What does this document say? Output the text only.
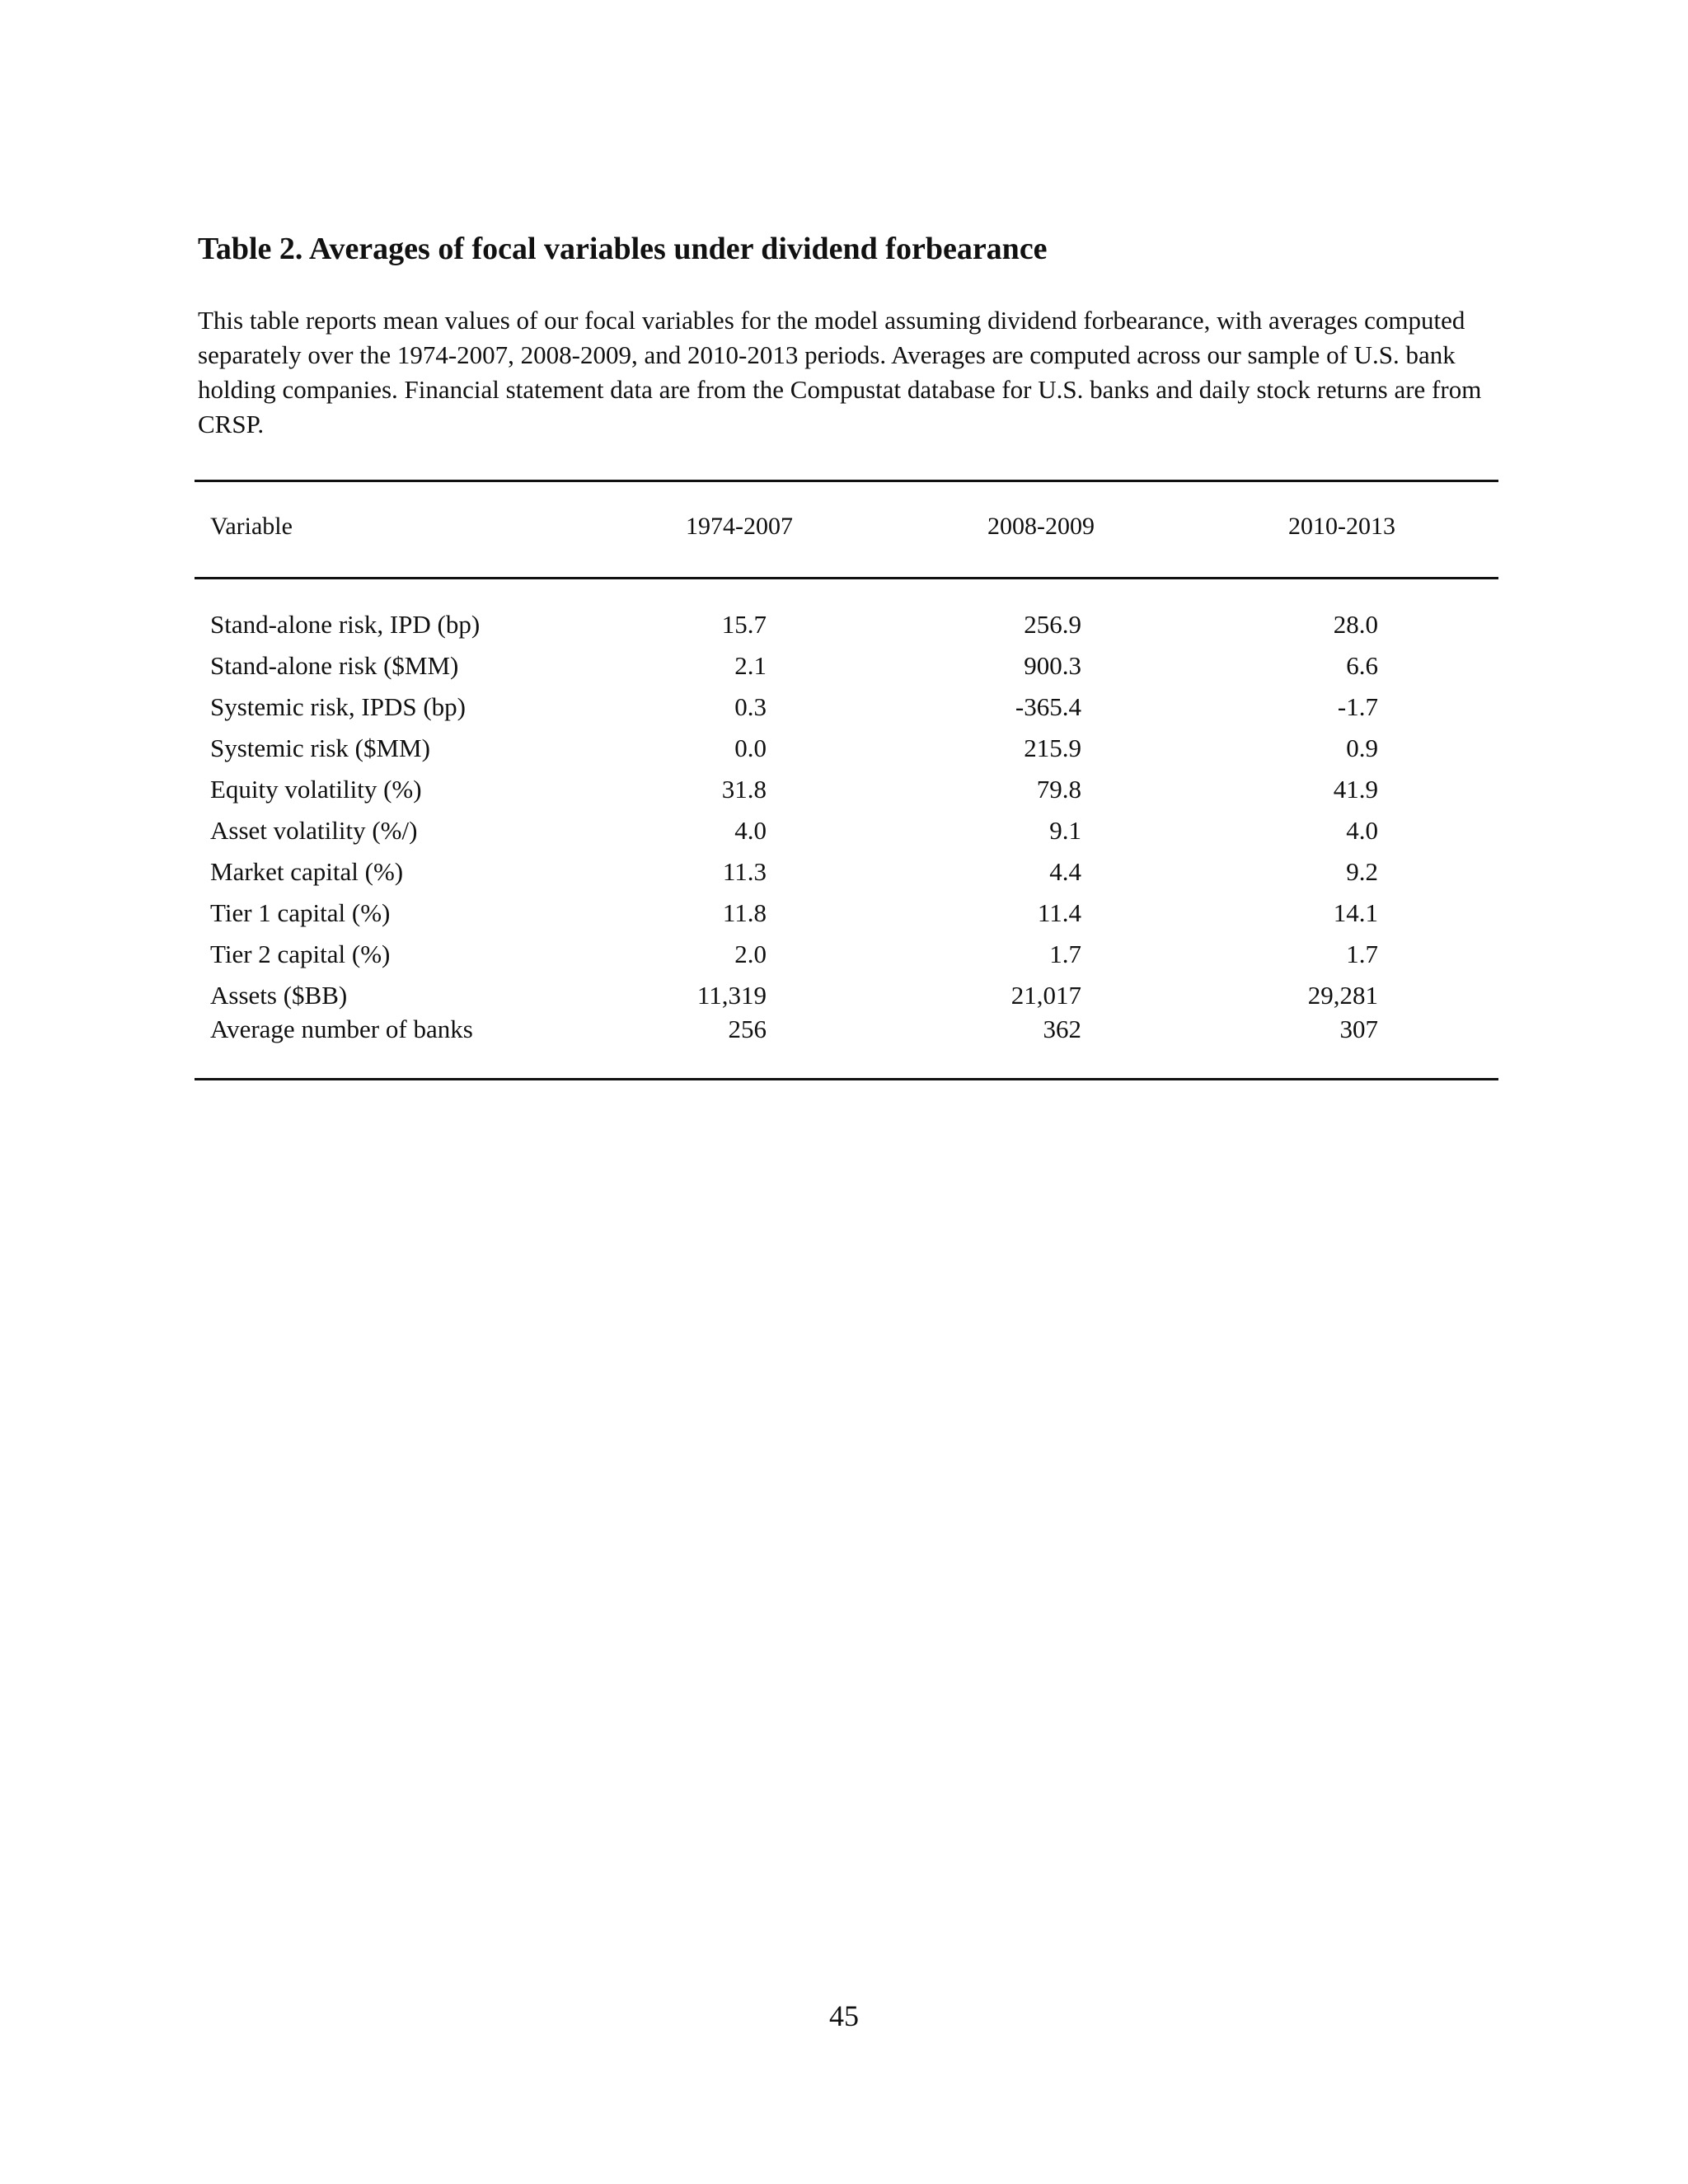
Table 2. Averages of focal variables under dividend forbearance
This table reports mean values of our focal variables for the model assuming dividend forbearance, with averages computed separately over the 1974-2007, 2008-2009, and 2010-2013 periods. Averages are computed across our sample of U.S. bank holding companies. Financial statement data are from the Compustat database for U.S. banks and daily stock returns are from CRSP.
Variable	1974-2007	2008-2009	2010-2013
Stand-alone risk, IPD (bp)	15.7	256.9	28.0
Stand-alone risk ($MM)	2.1	900.3	6.6
Systemic risk, IPDS (bp)	0.3	-365.4	-1.7
Systemic risk ($MM)	0.0	215.9	0.9
Equity volatility (%)	31.8	79.8	41.9
Asset volatility (%/)	4.0	9.1	4.0
Market capital (%)	11.3	4.4	9.2
Tier 1 capital (%)	11.8	11.4	14.1
Tier 2 capital (%)	2.0	1.7	1.7
Assets ($BB)	11,319	21,017	29,281
Average number of banks	256	362	307
45
